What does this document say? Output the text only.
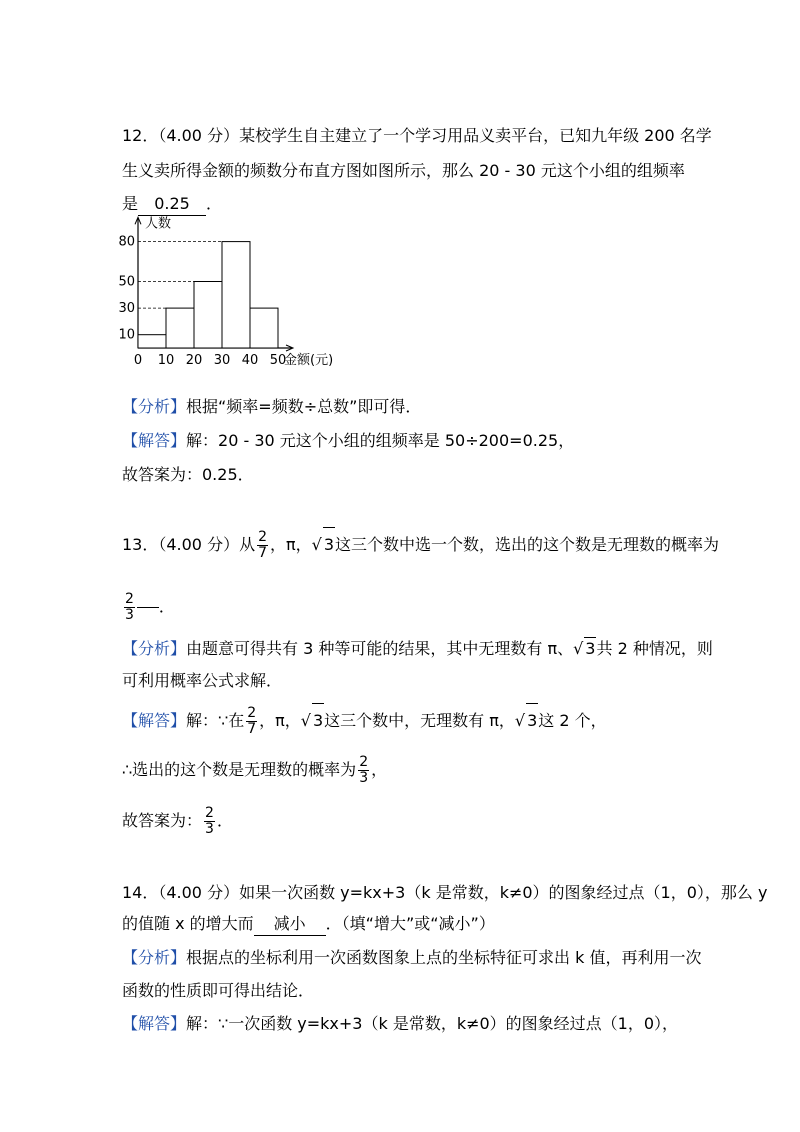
12．（4.00 分）某校学生自主建立了一个学习用品义卖平台，已知九年级 200 名学
生义卖所得金额的频数分布直方图如图所示，那么 20 - 30 元这个小组的组频率
是 0.25 ．
10
30
50
80
0 10 20 30 40 50
人数
金额(元)
【分析】根据“频率=频数÷总数”即可得．
【解答】解：20 - 30 元这个小组的组频率是 50÷200=0.25，
故答案为：0.25．
13．（4.00 分）从 $\frac{2}{7}$ ，π，√ 3这三个数中选一个数，选出的这个数是无理数的概率为
$\frac{2}{3}$ ．
【分析】由题意可得共有 3 种等可能的结果，其中无理数有 π、√ 3共 2 种情况，则
可利用概率公式求解．
【解答】解：∵在 $\frac{2}{7}$ ，π，√ 3这三个数中，无理数有 π，√ 3这 2 个，
∴选出的这个数是无理数的概率为 $\frac{2}{3}$ ，
故答案为： $\frac{2}{3}$ ．
14．（4.00 分）如果一次函数 y=kx+3（k 是常数，k≠0）的图象经过点（1，0），那么 y
的值随 x 的增大而 减小 ．（填“增大”或“减小”）
【分析】根据点的坐标利用一次函数图象上点的坐标特征可求出 k 值，再利用一次
函数的性质即可得出结论．
【解答】解：∵一次函数 y=kx+3（k 是常数，k≠0）的图象经过点（1，0），
